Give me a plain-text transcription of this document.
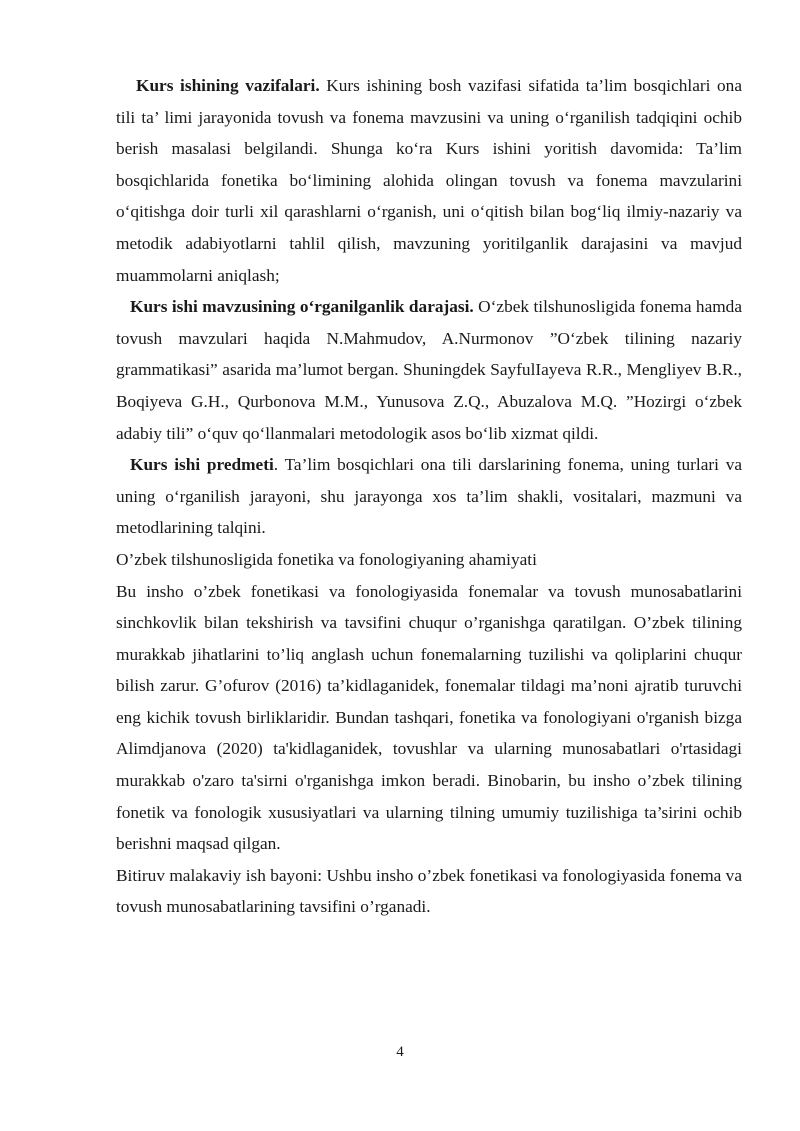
Kurs ishining vazifalari. Kurs ishining bosh vazifasi sifatida ta’lim bosqichlari ona tili ta’ limi jarayonida tovush va fonema mavzusini va uning o‘rganilish tadqiqini ochib berish masalasi belgilandi. Shunga ko‘ra Kurs ishini yoritish davomida: Ta’lim bosqichlarida fonetika bo‘limining alohida olingan tovush va fonema mavzularini o‘qitishga doir turli xil qarashlarni o‘rganish, uni o‘qitish bilan bog‘liq ilmiy-nazariy va metodik adabiyotlarni tahlil qilish, mavzuning yoritilganlik darajasini va mavjud muammolarni aniqlash;

Kurs ishi mavzusining o‘rganilganlik darajasi. O‘zbek tilshunosligida fonema hamda tovush mavzulari haqida N.Mahmudov, A.Nurmonov ”O‘zbek tilining nazariy grammatikasi” asarida ma’lumot bergan. Shuningdek SayfulIayeva R.R., Mengliyev B.R., Boqiyeva G.H., Qurbonova M.M., Yunusova Z.Q., Abuzalova M.Q. ”Hozirgi o‘zbek adabiy tili” o‘quv qo‘llanmalari metodologik asos bo‘lib xizmat qildi.

Kurs ishi predmeti. Ta’lim bosqichlari ona tili darslarining fonema, uning turlari va uning o‘rganilish jarayoni, shu jarayonga xos ta’lim shakli, vositalari, mazmuni va metodlarining talqini.

O’zbek tilshunosligida fonetika va fonologiyaning ahamiyati

Bu insho o’zbek fonetikasi va fonologiyasida fonemalar va tovush munosabatlarini sinchkovlik bilan tekshirish va tavsifini chuqur o’rganishga qaratilgan. O’zbek tilining murakkab jihatlarini to’liq anglash uchun fonemalarning tuzilishi va qoliplarini chuqur bilish zarur. G’ofurov (2016) ta’kidlaganidek, fonemalar tildagi ma’noni ajratib turuvchi eng kichik tovush birliklaridir. Bundan tashqari, fonetika va fonologiyani o'rganish bizga Alimdjanova (2020) ta'kidlaganidek, tovushlar va ularning munosabatlari o'rtasidagi murakkab o'zaro ta'sirni o'rganishga imkon beradi. Binobarin, bu insho o’zbek tilining fonetik va fonologik xususiyatlari va ularning tilning umumiy tuzilishiga ta’sirini ochib berishni maqsad qilgan.

Bitiruv malakaviy ish bayoni: Ushbu insho o’zbek fonetikasi va fonologiyasida fonema va tovush munosabatlarining tavsifini o’rganadi.

4
